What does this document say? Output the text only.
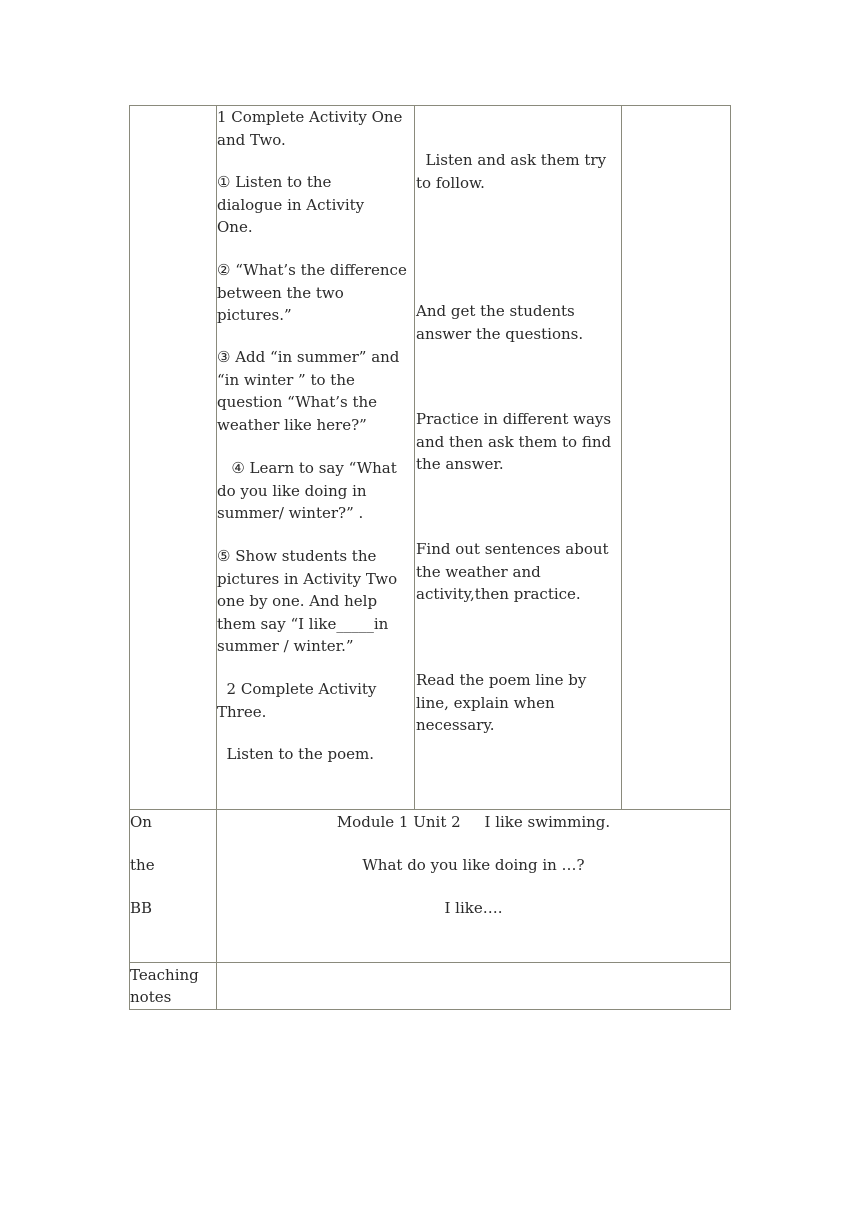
1 Complete Activity One and Two.
① Listen to the dialogue in Activity One.
② “What’s the difference between the two pictures.”
③ Add “in summer” and “in winter ” to the question “What’s the weather like here?”
④ Learn to say “What do you like doing in summer/ winter?” .
⑤ Show students the pictures in Activity Two one by one. And help them say “I like_____in summer / winter.”
2 Complete Activity Three.
Listen to the poem.
Listen and ask them try to follow.
And get the students answer the questions.
Practice in different ways and then ask them to find the answer.
Find out sentences about the weather and activity,then practice.
Read the poem line by line, explain when necessary.
On
the
BB
Module 1 Unit 2     I like swimming.
What do you like doing in …?
I like….
Teaching
notes
